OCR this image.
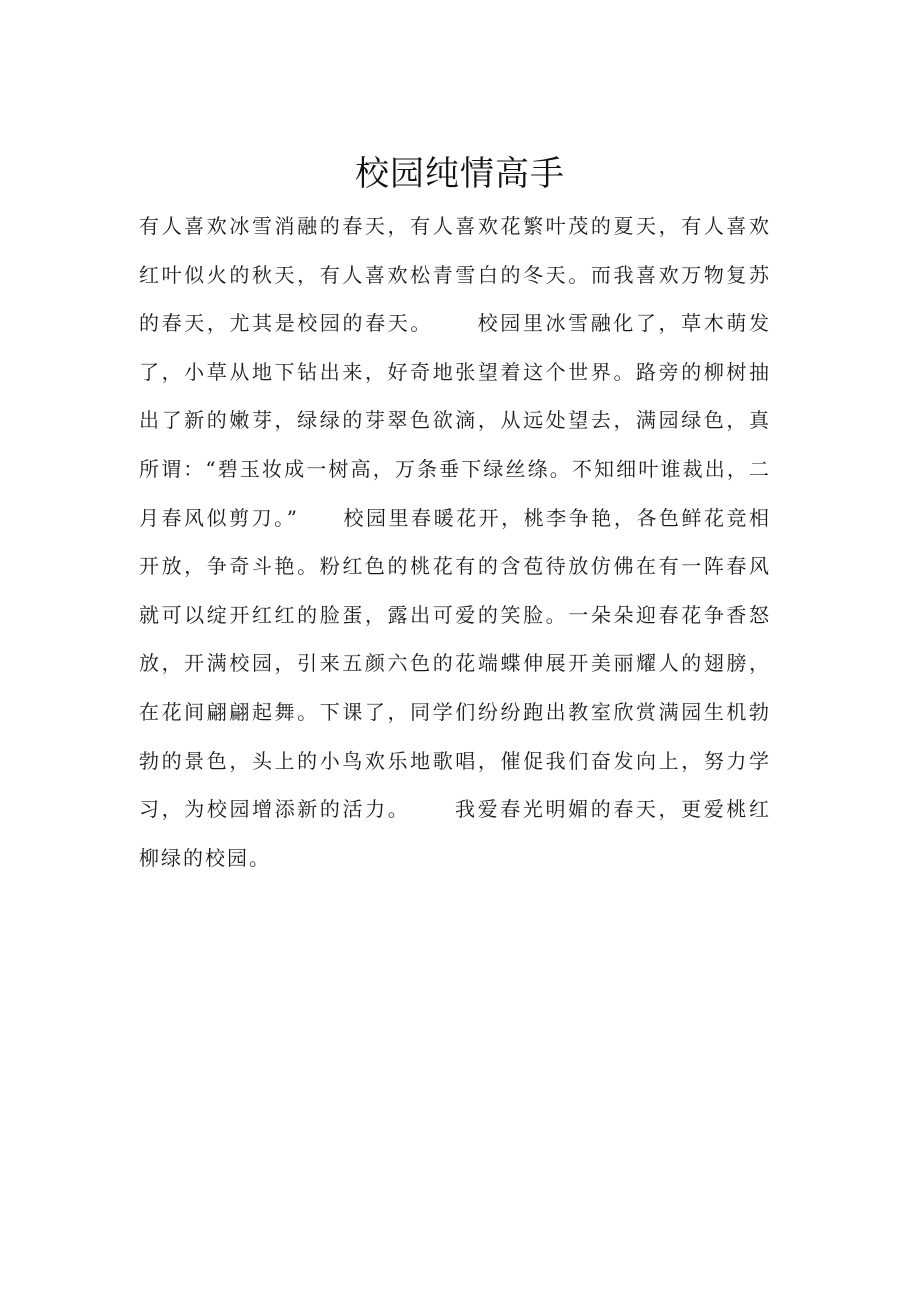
校园纯情高手

有人喜欢冰雪消融的春天，有人喜欢花繁叶茂的夏天，有人喜欢红叶似火的秋天，有人喜欢松青雪白的冬天。而我喜欢万物复苏的春天，尤其是校园的春天。 校园里冰雪融化了，草木萌发了，小草从地下钻出来，好奇地张望着这个世界。路旁的柳树抽出了新的嫩芽，绿绿的芽翠色欲滴，从远处望去，满园绿色，真所谓：“碧玉妆成一树高，万条垂下绿丝绦。不知细叶谁裁出，二月春风似剪刀。” 校园里春暖花开，桃李争艳，各色鲜花竞相开放，争奇斗艳。粉红色的桃花有的含苞待放仿佛在有一阵春风就可以绽开红红的脸蛋，露出可爱的笑脸。一朵朵迎春花争香怒放，开满校园，引来五颜六色的花端蝶伸展开美丽耀人的翅膀，在花间翩翩起舞。下课了，同学们纷纷跑出教室欣赏满园生机勃勃的景色，头上的小鸟欢乐地歌唱，催促我们奋发向上，努力学习，为校园增添新的活力。 我爱春光明媚的春天，更爱桃红柳绿的校园。
